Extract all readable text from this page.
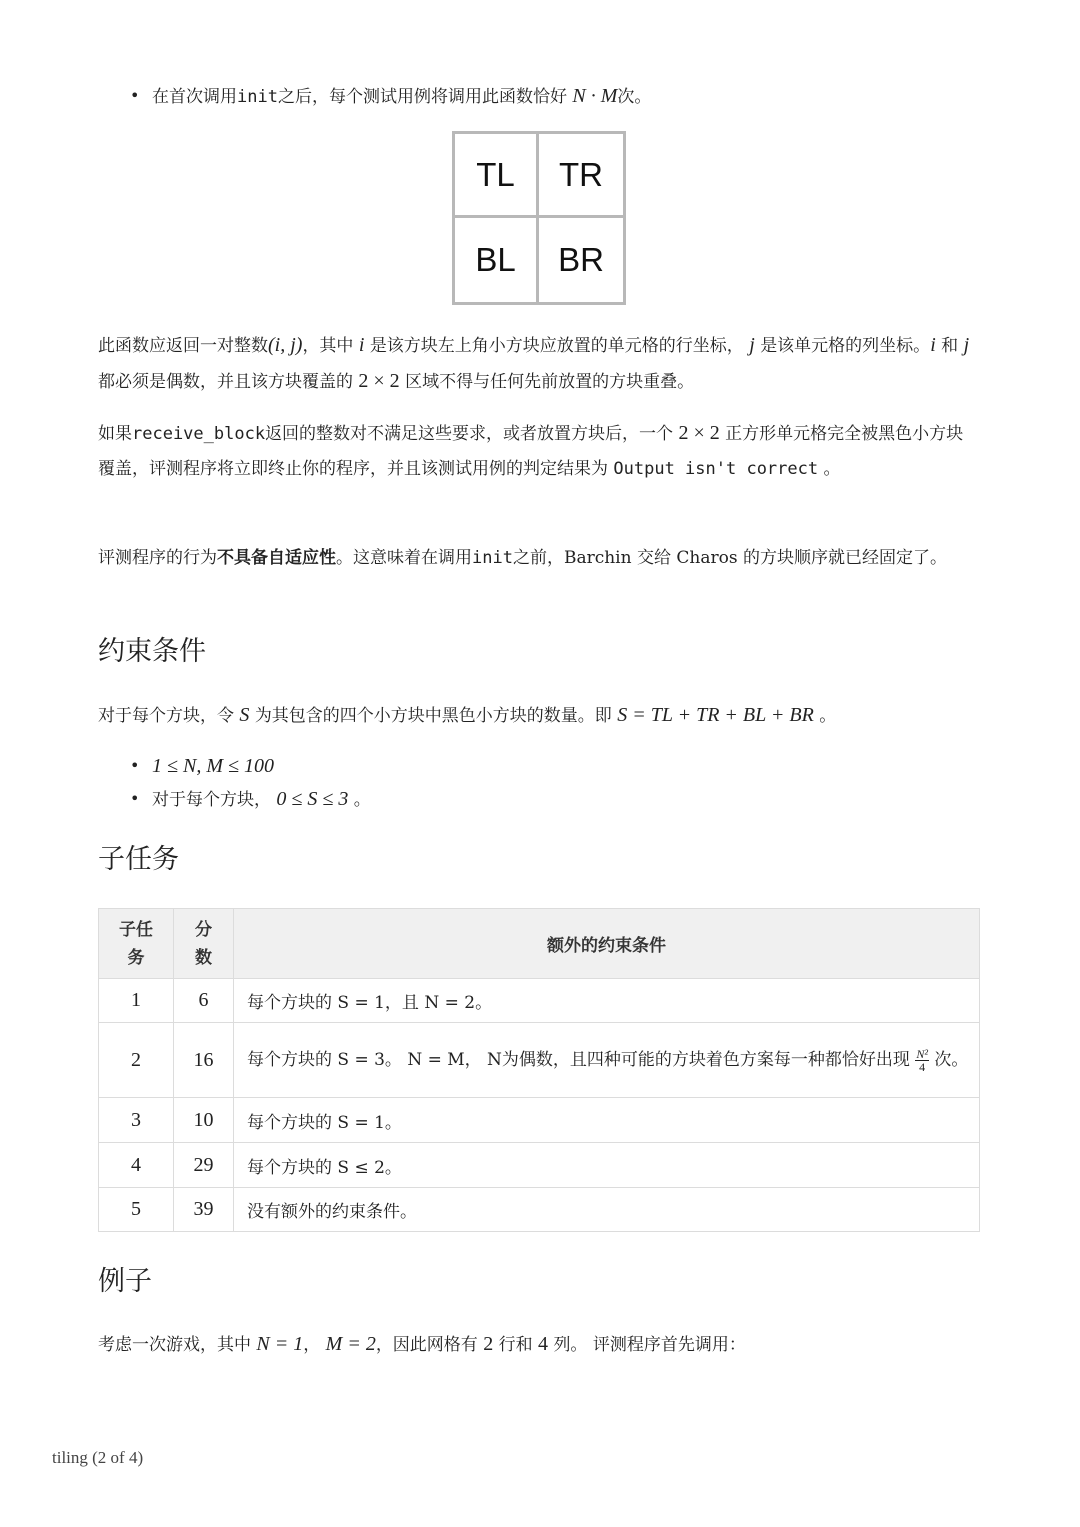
• 在首次调用init之后，每个测试用例将调用此函数恰好 N · M次。
TL	TR
BL	BR

此函数应返回一对整数(i, j)，其中 i 是该方块左上角小方块应放置的单元格的行坐标， j 是该单元格的列坐标。i 和 j 都必须是偶数，并且该方块覆盖的 2 × 2 区域不得与任何先前放置的方块重叠。

如果receive_block返回的整数对不满足这些要求，或者放置方块后，一个 2 × 2 正方形单元格完全被黑色小方块覆盖，评测程序将立即终止你的程序，并且该测试用例的判定结果为 Output isn't correct 。

评测程序的行为不具备自适应性。这意味着在调用init之前，Barchin 交给 Charos 的方块顺序就已经固定了。

约束条件

对于每个方块，令 S 为其包含的四个小方块中黑色小方块的数量。即 S = TL + TR + BL + BR 。

• 1 ≤ N, M ≤ 100
• 对于每个方块， 0 ≤ S ≤ 3 。
子任务
子任务	分数	额外的约束条件
1	6	每个方块的 S = 1，且 N = 2。
2	16	每个方块的 S = 3。 N = M， N为偶数，且四种可能的方块着色方案每一种都恰好出现 $\frac{\text{N²}}{4}$ 次。
3	10	每个方块的 S = 1。
4	29	每个方块的 S ≤ 2。
5	39	没有额外的约束条件。
例子

考虑一次游戏，其中 N = 1， M = 2，因此网格有 2 行和 4 列。 评测程序首先调用：

tiling (2 of 4)
